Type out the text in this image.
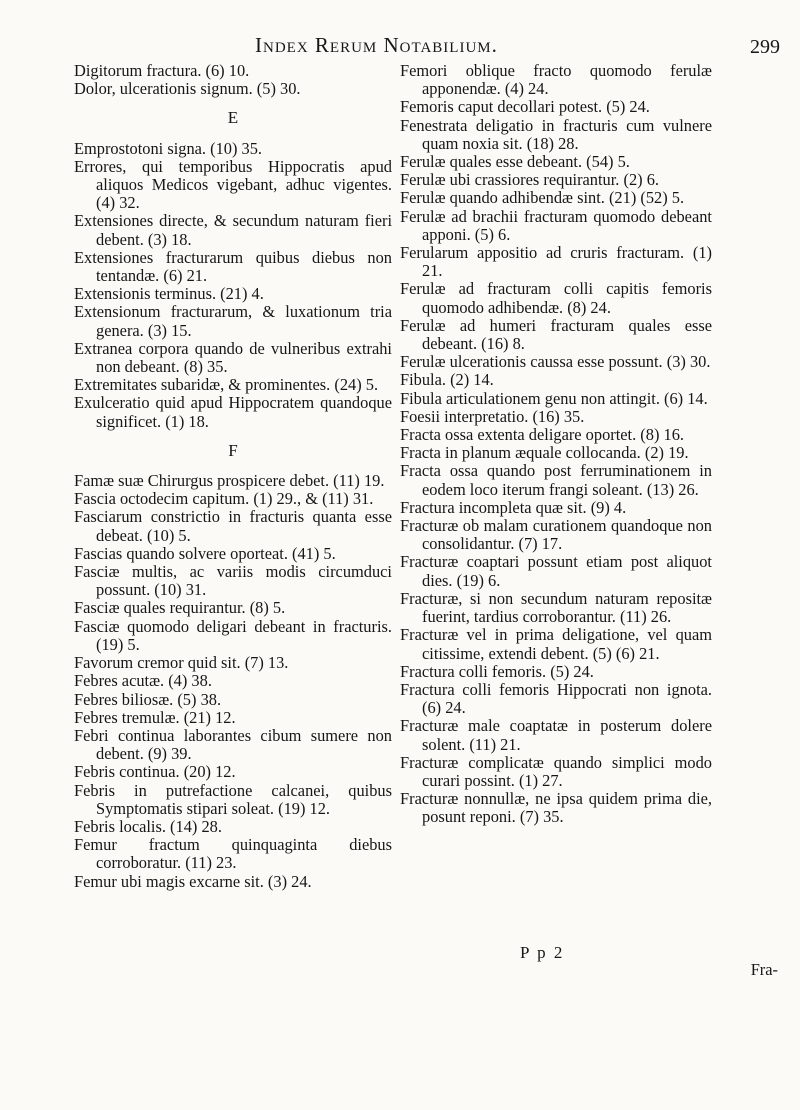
Index Rerum Notabilium.	299
Digitorum fractura. (6) 10.
Dolor, ulcerationis signum. (5) 30.
E
Emprostotoni signa. (10) 35.
Errores, qui temporibus Hippocratis apud aliquos Medicos vigebant, adhuc vigentes. (4) 32.
Extensiones directe, & secundum naturam fieri debent. (3) 18.
Extensiones fracturarum quibus diebus non tentandæ. (6) 21.
Extensionis terminus. (21) 4.
Extensionum fracturarum, & luxationum tria genera. (3) 15.
Extranea corpora quando de vulneribus extrahi non debeant. (8) 35.
Extremitates subaridæ, & prominentes. (24) 5.
Exulceratio quid apud Hippocratem quandoque significet. (1) 18.
F
Famæ suæ Chirurgus prospicere debet. (11) 19.
Fascia octodecim capitum. (1) 29., & (11) 31.
Fasciarum constrictio in fracturis quanta esse debeat. (10) 5.
Fascias quando solvere oporteat. (41) 5.
Fasciæ multis, ac variis modis circumduci possunt. (10) 31.
Fasciæ quales requirantur. (8) 5.
Fasciæ quomodo deligari debeant in fracturis. (19) 5.
Favorum cremor quid sit. (7) 13.
Febres acutæ. (4) 38.
Febres biliosæ. (5) 38.
Febres tremulæ. (21) 12.
Febri continua laborantes cibum sumere non debent. (9) 39.
Febris continua. (20) 12.
Febris in putrefactione calcanei, quibus Symptomatis stipari soleat. (19) 12.
Febris localis. (14) 28.
Femur fractum quinquaginta diebus corroboratur. (11) 23.
Femur ubi magis excarne sit. (3) 24.
Femori oblique fracto quomodo ferulæ apponendæ. (4) 24.
Femoris caput decollari potest. (5) 24.
Fenestrata deligatio in fracturis cum vulnere quam noxia sit. (18) 28.
Ferulæ quales esse debeant. (54) 5.
Ferulæ ubi crassiores requirantur. (2) 6.
Ferulæ quando adhibendæ sint. (21) (52) 5.
Ferulæ ad brachii fracturam quomodo debeant apponi. (5) 6.
Ferularum appositio ad cruris fracturam. (1) 21.
Ferulæ ad fracturam colli capitis femoris quomodo adhibendæ. (8) 24.
Ferulæ ad humeri fracturam quales esse debeant. (16) 8.
Ferulæ ulcerationis caussa esse possunt. (3) 30.
Fibula. (2) 14.
Fibula articulationem genu non attingit. (6) 14.
Foesii interpretatio. (16) 35.
Fracta ossa extenta deligare oportet. (8) 16.
Fracta in planum æquale collocanda. (2) 19.
Fracta ossa quando post ferruminationem in eodem loco iterum frangi soleant. (13) 26.
Fractura incompleta quæ sit. (9) 4.
Fracturæ ob malam curationem quandoque non consolidantur. (7) 17.
Fracturæ coaptari possunt etiam post aliquot dies. (19) 6.
Fracturæ, si non secundum naturam repositæ fuerint, tardius corroborantur. (11) 26.
Fracturæ vel in prima deligatione, vel quam citissime, extendi debent. (5) (6) 21.
Fractura colli femoris. (5) 24.
Fractura colli femoris Hippocrati non ignota. (6) 24.
Fracturæ male coaptatæ in posterum dolere solent. (11) 21.
Fracturæ complicatæ quando simplici modo curari possint. (1) 27.
Fracturæ nonnullæ, ne ipsa quidem prima die, posunt reponi. (7) 35.
P p 2
Fra-
